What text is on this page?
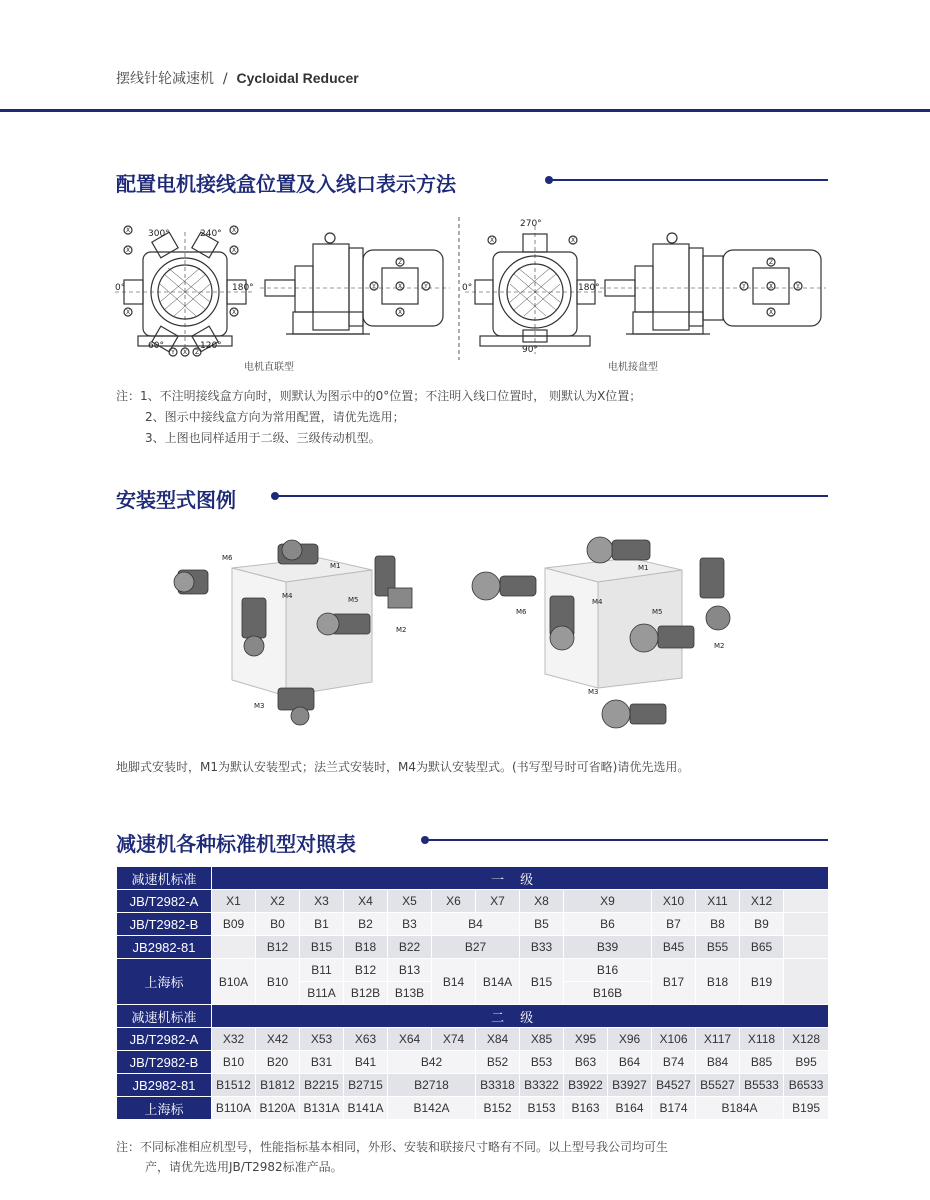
摆线针轮减速机 / Cycloidal Reducer
配置电机接线盒位置及入线口表示方法
300°	240°
0°	180°
60°	120°
270°
0°	180°
90°
X
X
X
X
X
X
Y X Z
X	X
Z
Y	X	Y
X
Z
Y	X	Y
X
电机直联型	电机接盘型
注：1、不注明接线盒方向时，则默认为图示中的0°位置；不注明入线口位置时， 则默认为X位置；
2、图示中接线盒方向为常用配置，请优先选用；
3、上图也同样适用于二级、三级传动机型。
安装型式图例
M1
M2
M3
M4	M5
M6
M1
M2
M3
M4
M5
M6
地脚式安装时，M1为默认安装型式；法兰式安装时，M4为默认安装型式。(书写型号时可省略)请优先选用。
减速机各种标准机型对照表
减速机标准	一级													
JB/T2982-A	X1	X2	X3	X4	X5	X6	X7	X8	X9		X10	X11	X12	
JB/T2982-B	B09	B0	B1	B2	B3	B4		B5	B6		B7	B8	B9	
JB2982-81		B12	B15	B18	B22	B27		B33	B39		B45	B55	B65	
上海标	B10A	B10	B11	B12	B13	B14	B14A	B15	B16		B17	B18	B19	
			B11A	B12B	B13B				B16B					
减速机标准	二级													
JB/T2982-A	X32	X42	X53	X63	X64	X74	X84	X85	X95	X96	X106	X117	X118	X128
JB/T2982-B	B10	B20	B31	B41	B42		B52	B53	B63	B64	B74	B84	B85	B95
JB2982-81	B1512	B1812	B2215	B2715	B2718		B3318	B3322	B3922	B3927	B4527	B5527	B5533	B6533
上海标	B110A	B120A	B131A	B141A	B142A		B152	B153	B163	B164	B174	B184A		B195
注：不同标准相应机型号，性能指标基本相同，外形、安装和联接尺寸略有不同。以上型号我公司均可生
产，请优先选用JB/T2982标准产品。
